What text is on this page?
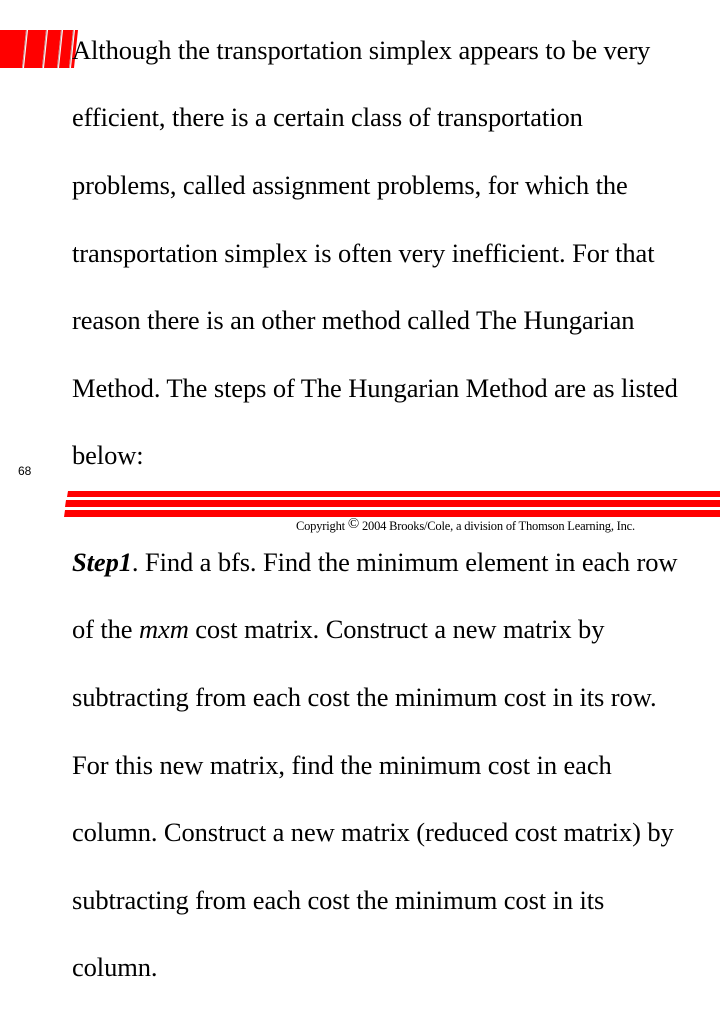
Although the transportation simplex appears to be very

efficient, there is a certain class of transportation

problems, called assignment problems, for which the

transportation simplex is often very inefficient. For that

reason there is an other method called The Hungarian

Method. The steps of The Hungarian Method are as listed

below:

Step1. Find a bfs. Find the minimum element in each row

of the mxm cost matrix. Construct a new matrix by

subtracting from each cost the minimum cost in its row.

For this new matrix, find the minimum cost in each

column. Construct a new matrix (reduced cost matrix) by

subtracting from each cost the minimum cost in its

column.

68
Copyright © 2004 Brooks/Cole, a division of Thomson Learning, Inc.
